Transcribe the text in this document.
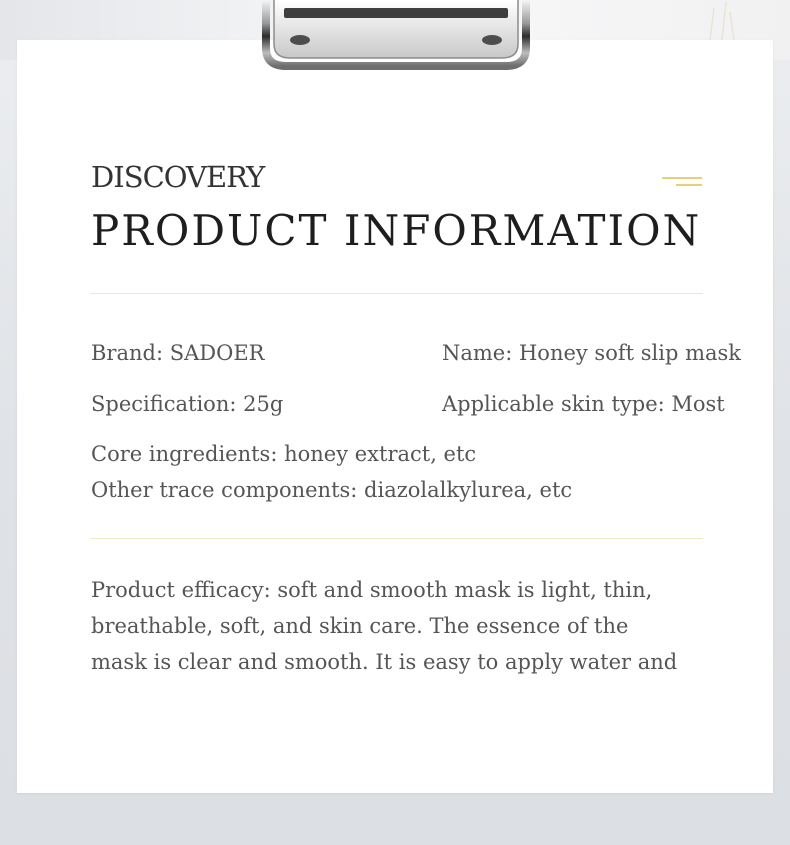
DISCOVERY
PRODUCT INFORMATION
Brand: SADOER	Name: Honey soft slip mask
Specification: 25g	Applicable skin type: Most
Core ingredients: honey extract, etc
Other trace components: diazolalkylurea, etc
Product efficacy: soft and smooth mask is light, thin,
breathable, soft, and skin care. The essence of the
mask is clear and smooth. It is easy to apply water and
